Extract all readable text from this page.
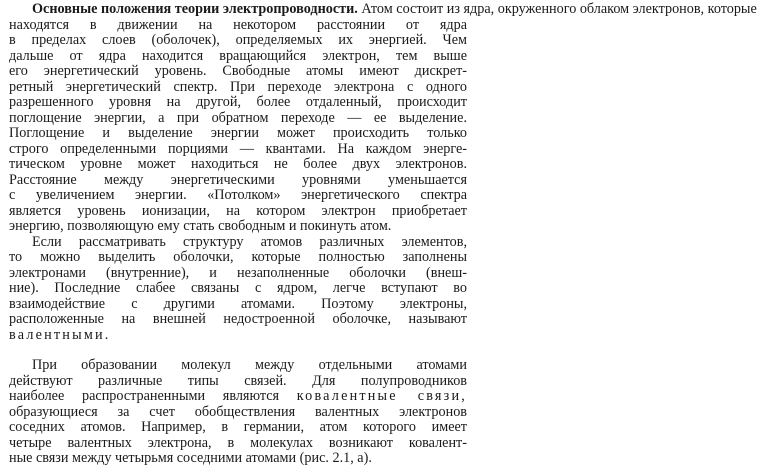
Основные положения теории электропроводности. Атом состоит из ядра, окруженного облаком электронов, которые
находятся в движении на некотором расстоянии от ядра
в пределах слоев (оболочек), определяемых их энергией. Чем
дальше от ядра находится вращающийся электрон, тем выше
его энергетический уровень. Свободные атомы имеют дискрет-
ретный энергетический спектр. При переходе электрона с одного
разрешенного уровня на другой, более отдаленный, происходит
поглощение энергии, а при обратном переходе — ее выделение.
Поглощение и выделение энергии может происходить только
строго определенными порциями — квантами. На каждом энерге-
тическом уровне может находиться не более двух электронов.
Расстояние между энергетическими уровнями уменьшается
с увеличением энергии. «Потолком» энергетического спектра
является уровень ионизации, на котором электрон приобретает
энергию, позволяющую ему стать свободным и покинуть атом.
Если рассматривать структуру атомов различных элементов,
то можно выделить оболочки, которые полностью заполнены
электронами (внутренние), и незаполненные оболочки (внеш-
ние). Последние слабее связаны с ядром, легче вступают во
взаимодействие с другими атомами. Поэтому электроны,
расположенные на внешней недостроенной оболочке, называют
валентными.
При образовании молекул между отдельными атомами
действуют различные типы связей. Для полупроводников
наиболее распространенными являются ковалентные связи,
образующиеся за счет обобществления валентных электронов
соседних атомов. Например, в германии, атом которого имеет
четыре валентных электрона, в молекулах возникают ковалент-
ные связи между четырьмя соседними атомами (рис. 2.1, а).
